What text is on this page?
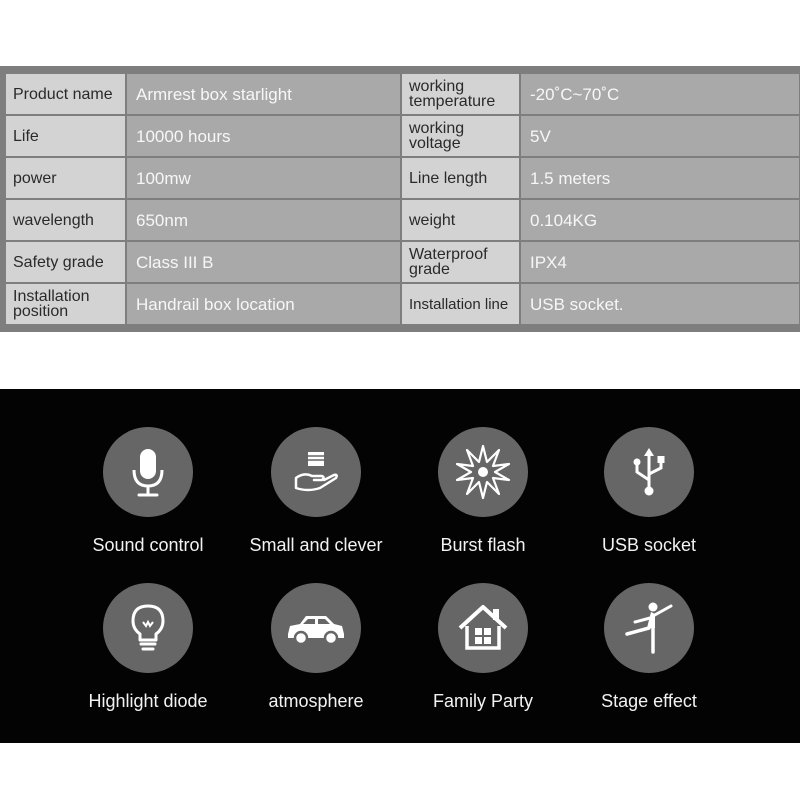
Product name	Armrest box starlight	working temperature	-20˚C~70˚C
Life	10000 hours	working voltage	5V
power	100mw	Line length	1.5 meters
wavelength	650nm	weight	0.104KG
Safety grade	Class III B	Waterproof grade	IPX4
Installation position	Handrail box location	Installation line	USB socket.
Sound control	Small and clever	Burst flash	USB socket
Highlight diode	atmosphere	Family Party	Stage effect
